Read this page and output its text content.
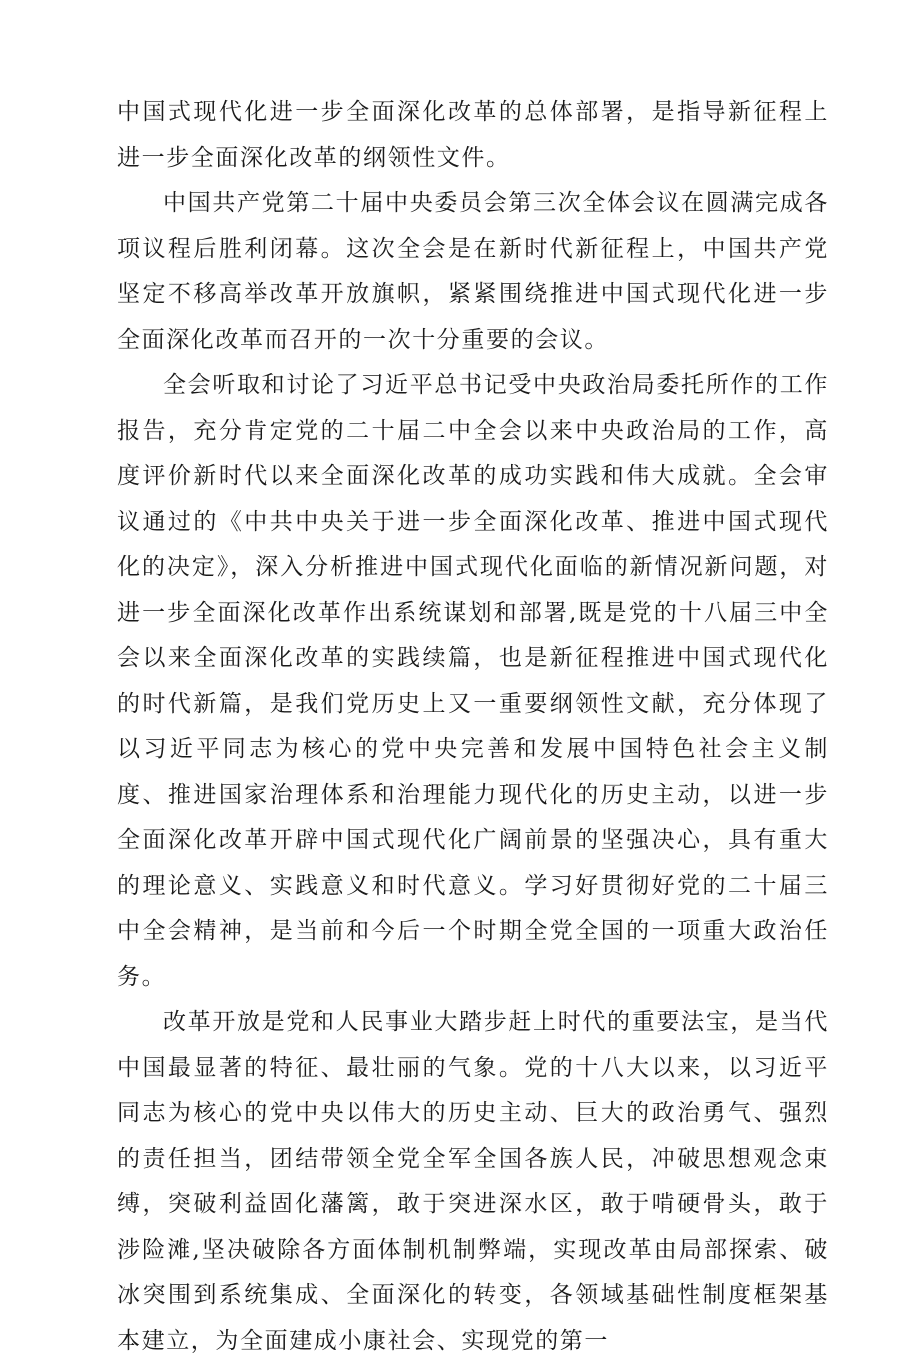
中国式现代化进一步全面深化改革的总体部署，是指导新征程上进一步全面深化改革的纲领性文件。

中国共产党第二十届中央委员会第三次全体会议在圆满完成各项议程后胜利闭幕。这次全会是在新时代新征程上，中国共产党坚定不移高举改革开放旗帜，紧紧围绕推进中国式现代化进一步全面深化改革而召开的一次十分重要的会议。

全会听取和讨论了习近平总书记受中央政治局委托所作的工作报告，充分肯定党的二十届二中全会以来中央政治局的工作，高度评价新时代以来全面深化改革的成功实践和伟大成就。全会审议通过的《中共中央关于进一步全面深化改革、推进中国式现代化的决定》，深入分析推进中国式现代化面临的新情况新问题，对进一步全面深化改革作出系统谋划和部署,既是党的十八届三中全会以来全面深化改革的实践续篇，也是新征程推进中国式现代化的时代新篇，是我们党历史上又一重要纲领性文献，充分体现了以习近平同志为核心的党中央完善和发展中国特色社会主义制度、推进国家治理体系和治理能力现代化的历史主动，以进一步全面深化改革开辟中国式现代化广阔前景的坚强决心，具有重大的理论意义、实践意义和时代意义。学习好贯彻好党的二十届三中全会精神，是当前和今后一个时期全党全国的一项重大政治任务。

改革开放是党和人民事业大踏步赶上时代的重要法宝，是当代中国最显著的特征、最壮丽的气象。党的十八大以来，以习近平同志为核心的党中央以伟大的历史主动、巨大的政治勇气、强烈的责任担当，团结带领全党全军全国各族人民，冲破思想观念束缚，突破利益固化藩篱，敢于突进深水区，敢于啃硬骨头，敢于涉险滩,坚决破除各方面体制机制弊端，实现改革由局部探索、破冰突围到系统集成、全面深化的转变，各领域基础性制度框架基本建立，为全面建成小康社会、实现党的第一
